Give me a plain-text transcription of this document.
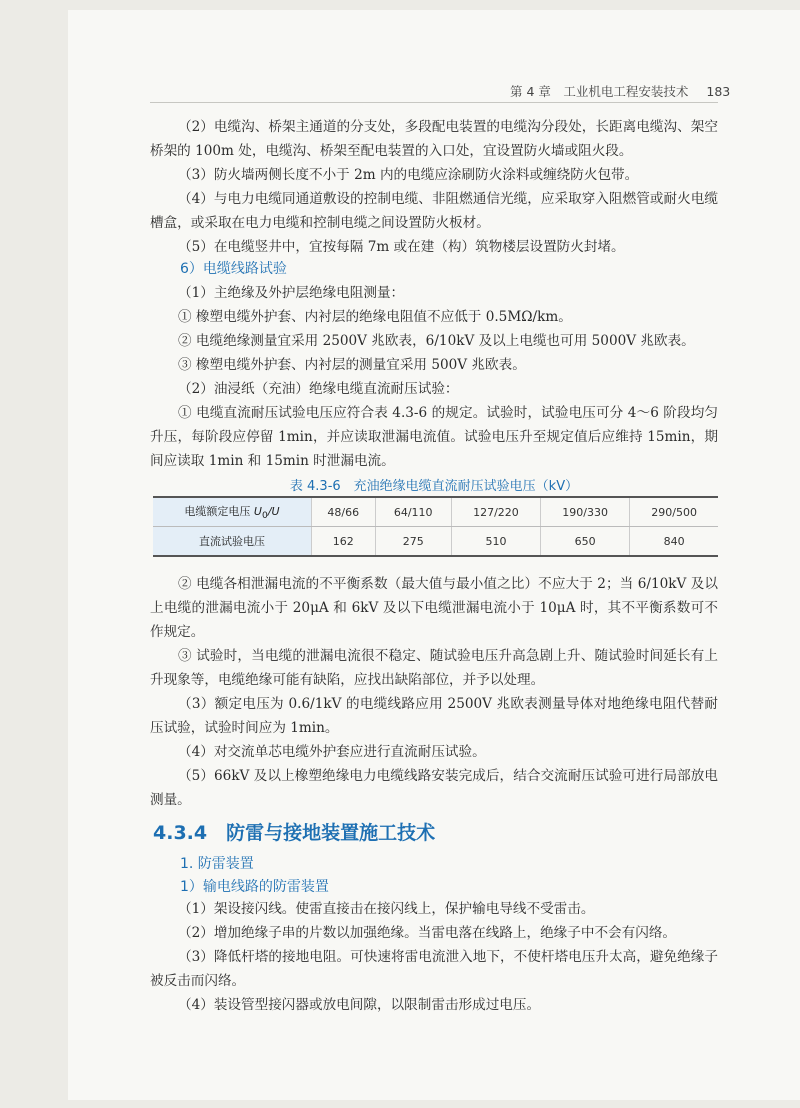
第 4 章　工业机电工程安装技术 183
（2）电缆沟、桥架主通道的分支处，多段配电装置的电缆沟分段处，长距离电缆沟、架空桥架的 100m 处，电缆沟、桥架至配电装置的入口处，宜设置防火墙或阻火段。
（3）防火墙两侧长度不小于 2m 内的电缆应涂刷防火涂料或缠绕防火包带。
（4）与电力电缆同通道敷设的控制电缆、非阻燃通信光缆，应采取穿入阻燃管或耐火电缆槽盒，或采取在电力电缆和控制电缆之间设置防火板材。
（5）在电缆竖井中，宜按每隔 7m 或在建（构）筑物楼层设置防火封堵。
6）电缆线路试验
（1）主绝缘及外护层绝缘电阻测量：
① 橡塑电缆外护套、内衬层的绝缘电阻值不应低于 0.5MΩ/km。
② 电缆绝缘测量宜采用 2500V 兆欧表，6/10kV 及以上电缆也可用 5000V 兆欧表。
③ 橡塑电缆外护套、内衬层的测量宜采用 500V 兆欧表。
（2）油浸纸（充油）绝缘电缆直流耐压试验：
① 电缆直流耐压试验电压应符合表 4.3-6 的规定。试验时，试验电压可分 4～6 阶段均匀升压，每阶段应停留 1min，并应读取泄漏电流值。试验电压升至规定值后应维持 15min，期间应读取 1min 和 15min 时泄漏电流。
表 4.3-6　充油绝缘电缆直流耐压试验电压（kV）
电缆额定电压 $U_0/U$	48/66	64/110	127/220	190/330	290/500
直流试验电压	162	275	510	650	840
② 电缆各相泄漏电流的不平衡系数（最大值与最小值之比）不应大于 2；当 6/10kV 及以上电缆的泄漏电流小于 20μA 和 6kV 及以下电缆泄漏电流小于 10μA 时，其不平衡系数可不作规定。
③ 试验时，当电缆的泄漏电流很不稳定、随试验电压升高急剧上升、随试验时间延长有上升现象等，电缆绝缘可能有缺陷，应找出缺陷部位，并予以处理。
（3）额定电压为 0.6/1kV 的电缆线路应用 2500V 兆欧表测量导体对地绝缘电阻代替耐压试验，试验时间应为 1min。
（4）对交流单芯电缆外护套应进行直流耐压试验。
（5）66kV 及以上橡塑绝缘电力电缆线路安装完成后，结合交流耐压试验可进行局部放电测量。
4.3.4　防雷与接地装置施工技术
1. 防雷装置
1）输电线路的防雷装置
（1）架设接闪线。使雷直接击在接闪线上，保护输电导线不受雷击。
（2）增加绝缘子串的片数以加强绝缘。当雷电落在线路上，绝缘子中不会有闪络。
（3）降低杆塔的接地电阻。可快速将雷电流泄入地下，不使杆塔电压升太高，避免绝缘子被反击而闪络。
（4）装设管型接闪器或放电间隙，以限制雷击形成过电压。
